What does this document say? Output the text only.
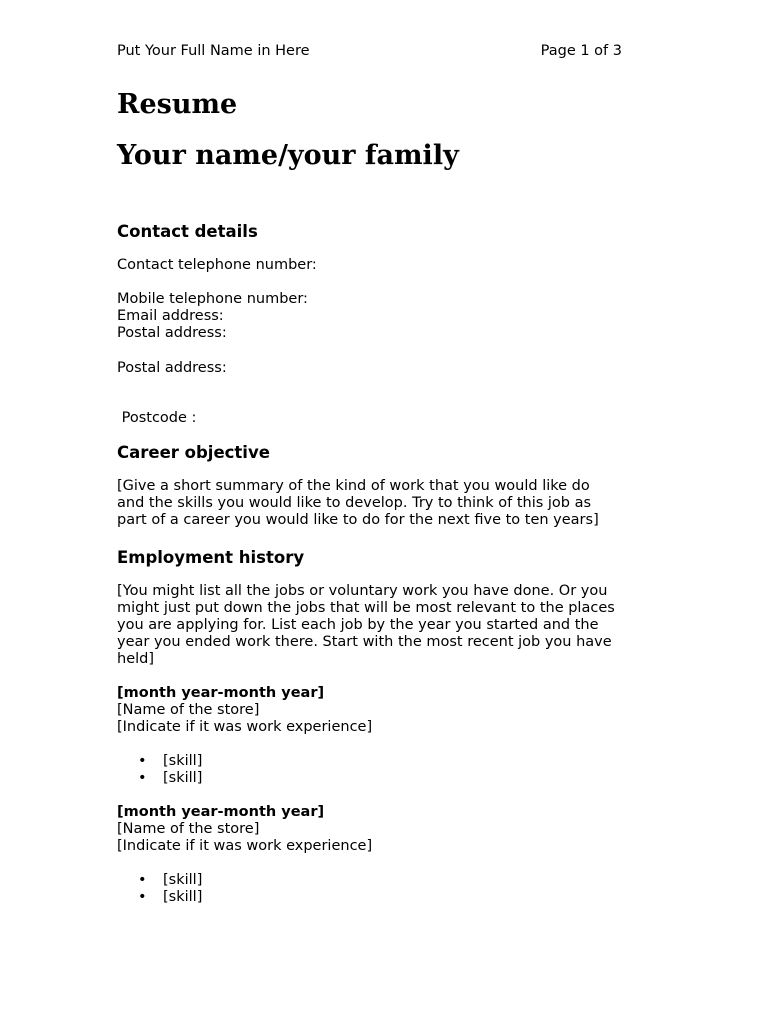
Put Your Full Name in Here	Page 1 of 3
Resume
Your name/your family
Contact details

Contact telephone number:

Mobile telephone number:

Email address:

Postal address:

Postal address:

Postcode :

Career objective

[Give a short summary of the kind of work that you would like do

and the skills you would like to develop. Try to think of this job as

part of a career you would like to do for the next five to ten years]

Employment history

[You might list all the jobs or voluntary work you have done. Or you

might just put down the jobs that will be most relevant to the places

you are applying for. List each job by the year you started and the

year you ended work there. Start with the most recent job you have

held]

[month year-month year]

[Name of the store]

[Indicate if it was work experience]

• [skill]
• [skill]

[month year-month year]

[Name of the store]

[Indicate if it was work experience]

• [skill]
• [skill]
